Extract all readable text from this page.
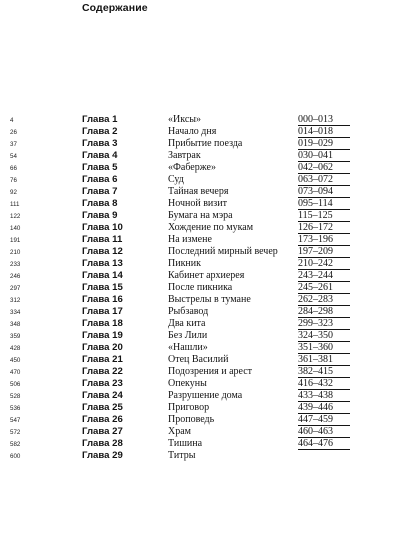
Содержание
4	Глава 1	«Иксы»	000–013
26	Глава 2	Начало дня	014–018
37	Глава 3	Прибытие поезда	019–029
54	Глава 4	Завтрак	030–041
66	Глава 5	«Фаберже»	042–062
76	Глава 6	Суд	063–072
92	Глава 7	Тайная вечеря	073–094
111	Глава 8	Ночной визит	095–114
122	Глава 9	Бумага на мэра	115–125
140	Глава 10	Хождение по мукам	126–172
191	Глава 11	На измене	173–196
210	Глава 12	Последний мирный вечер 197–209
233	Глава 13	Пикник	210–242
246	Глава 14	Кабинет архиерея	243–244
297	Глава 15	После пикника	245–261
312	Глава 16	Выстрелы в тумане	262–283
334	Глава 17	Рыбзавод	284–298
348	Глава 18	Два кита	299–323
359	Глава 19	Без Лили	324–350
428	Глава 20	«Нашли»	351–360
450	Глава 21	Отец Василий	361–381
470	Глава 22	Подозрения и арест	382–415
506	Глава 23	Опекуны	416–432
528	Глава 24	Разрушение дома	433–438
536	Глава 25	Приговор	439–446
547	Глава 26	Проповедь	447–459
572	Глава 27	Храм	460–463
582	Глава 28	Тишина	464–476
600	Глава 29	Титры
